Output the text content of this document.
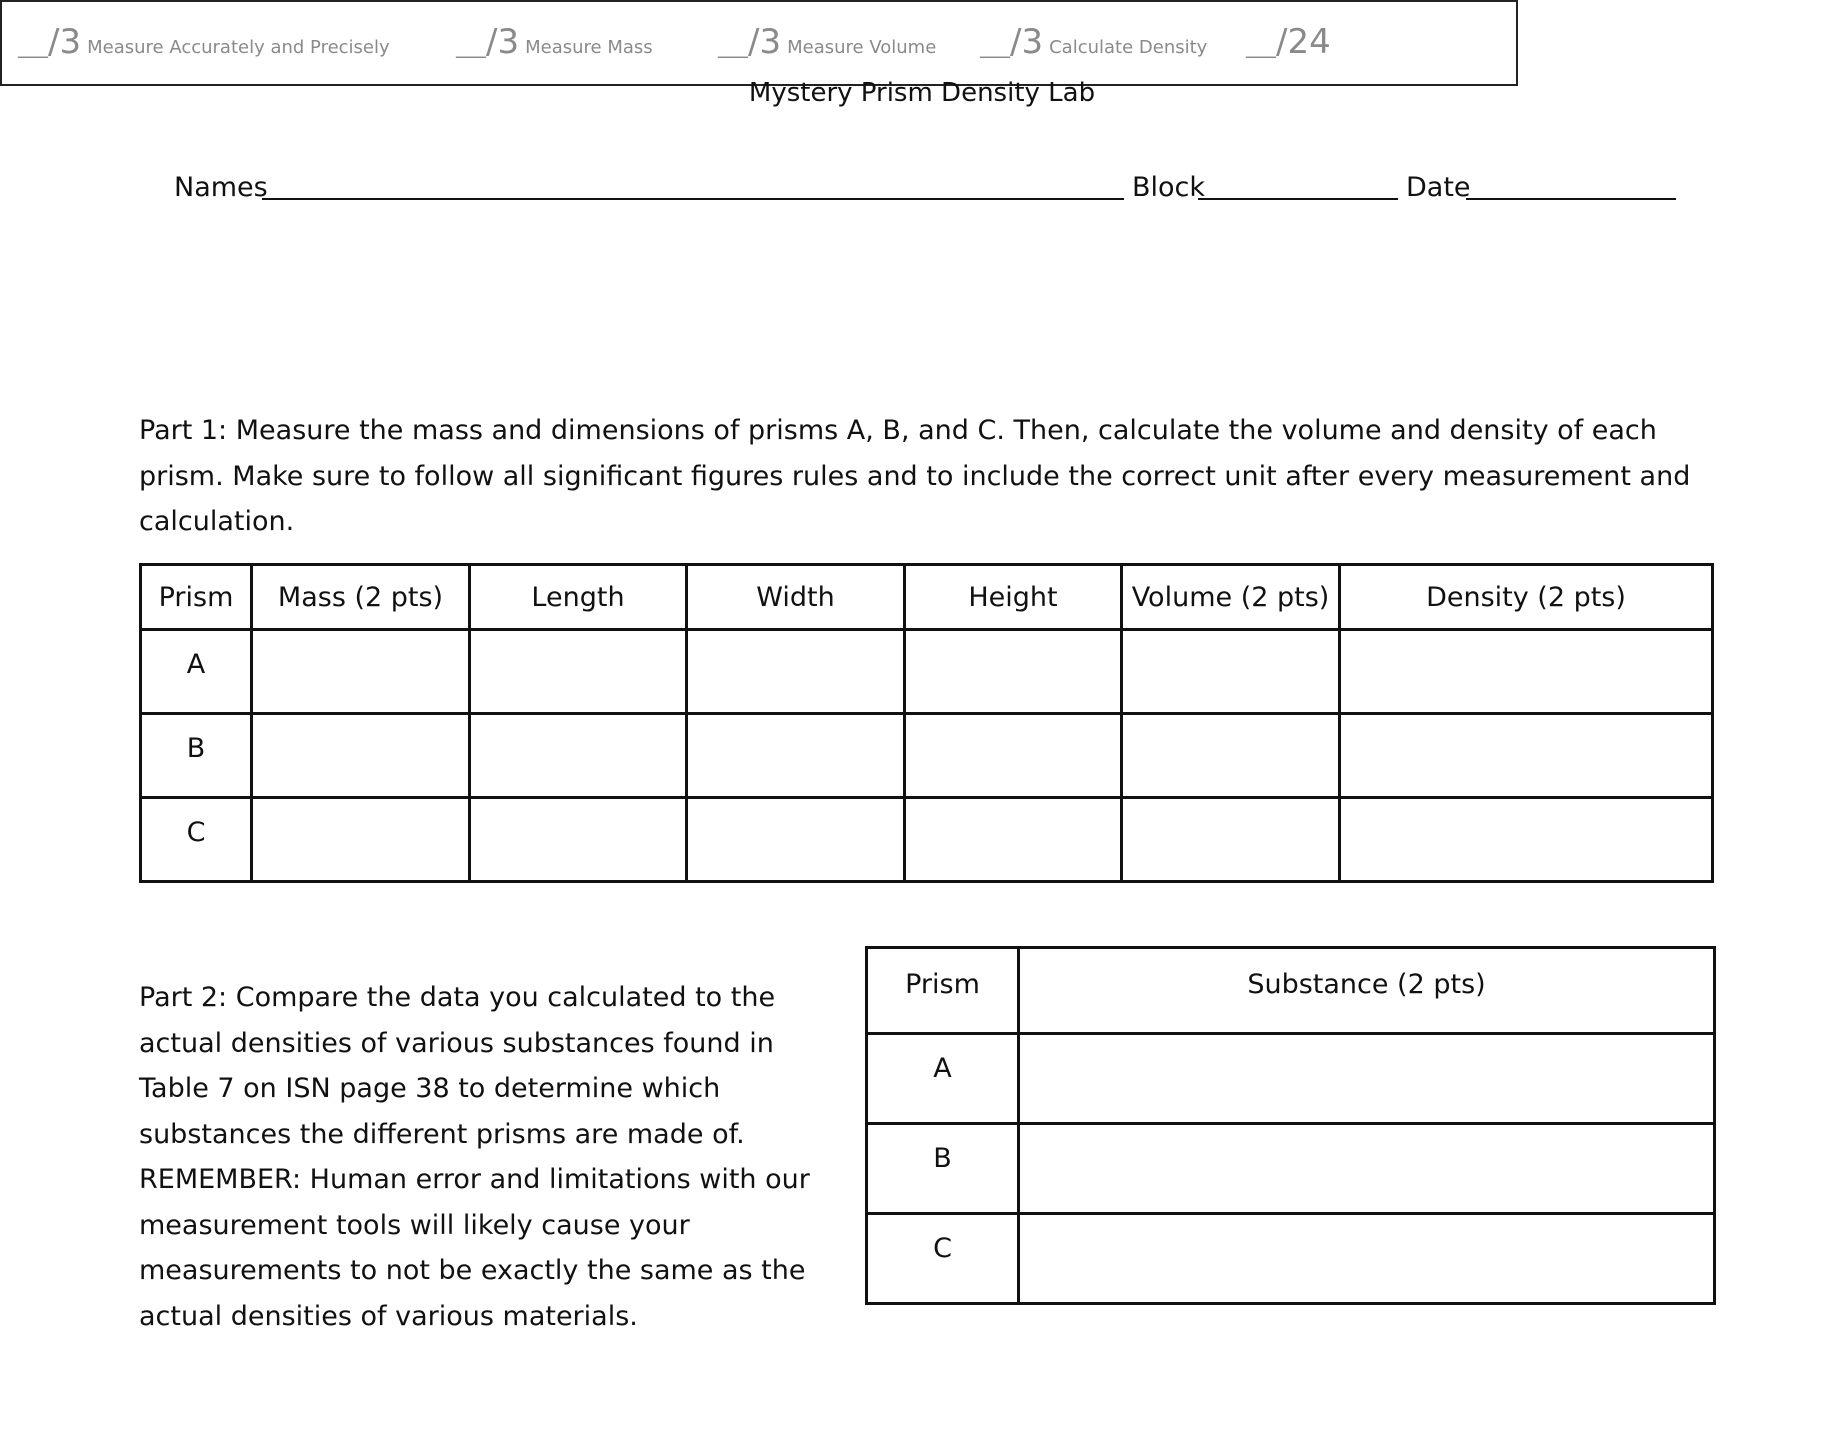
Mystery Prism Density Lab
Names	Block	Date
___/3 Measure Accurately and Precisely	___/3 Measure Mass	___/3 Measure Volume ___/3 Calculate Density ___/24
Part 1: Measure the mass and dimensions of prisms A, B, and C. Then, calculate the volume and density of each prism. Make sure to follow all significant figures rules and to include the correct unit after every measurement and calculation.
Prism	Mass (2 pts)	Length	Width	Height	Volume (2 pts)	Density (2 pts)
A						
B						
C						
Part 2: Compare the data you calculated to the actual densities of various substances found in Table 7 on ISN page 38 to determine which substances the different prisms are made of. REMEMBER: Human error and limitations with our measurement tools will likely cause your measurements to not be exactly the same as the actual densities of various materials.
Prism	Substance (2 pts)
A	
B	
C	
